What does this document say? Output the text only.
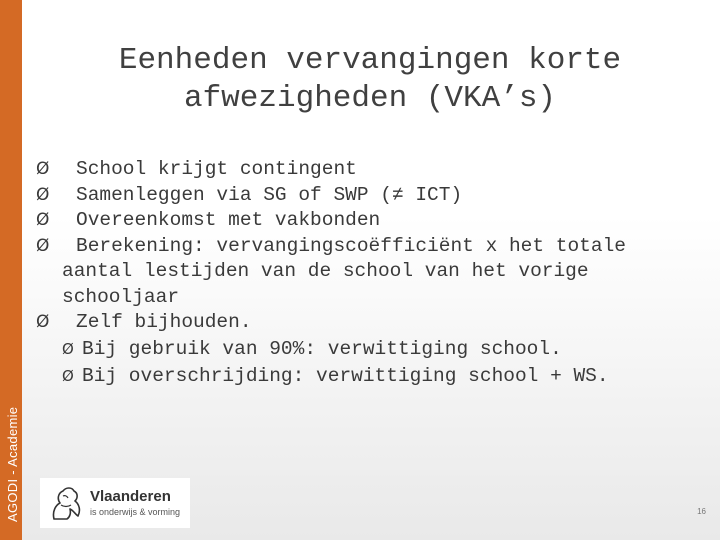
AGODI - Academie
Eenheden vervangingen korte
afwezigheden (VKA’s)
Ø	School krijgt contingent
Ø	Samenleggen via SG of SWP (≠ ICT)
Ø	Overeenkomst met vakbonden
Ø	Berekening: vervangingscoëfficiënt x het totale
aantal lestijden van de school van het vorige
schooljaar
Ø	Zelf bijhouden.
Ø Bij gebruik van 90%: verwittiging school.
Ø Bij overschrijding: verwittiging school + WS.
Vlaanderen
is onderwijs & vorming	16
